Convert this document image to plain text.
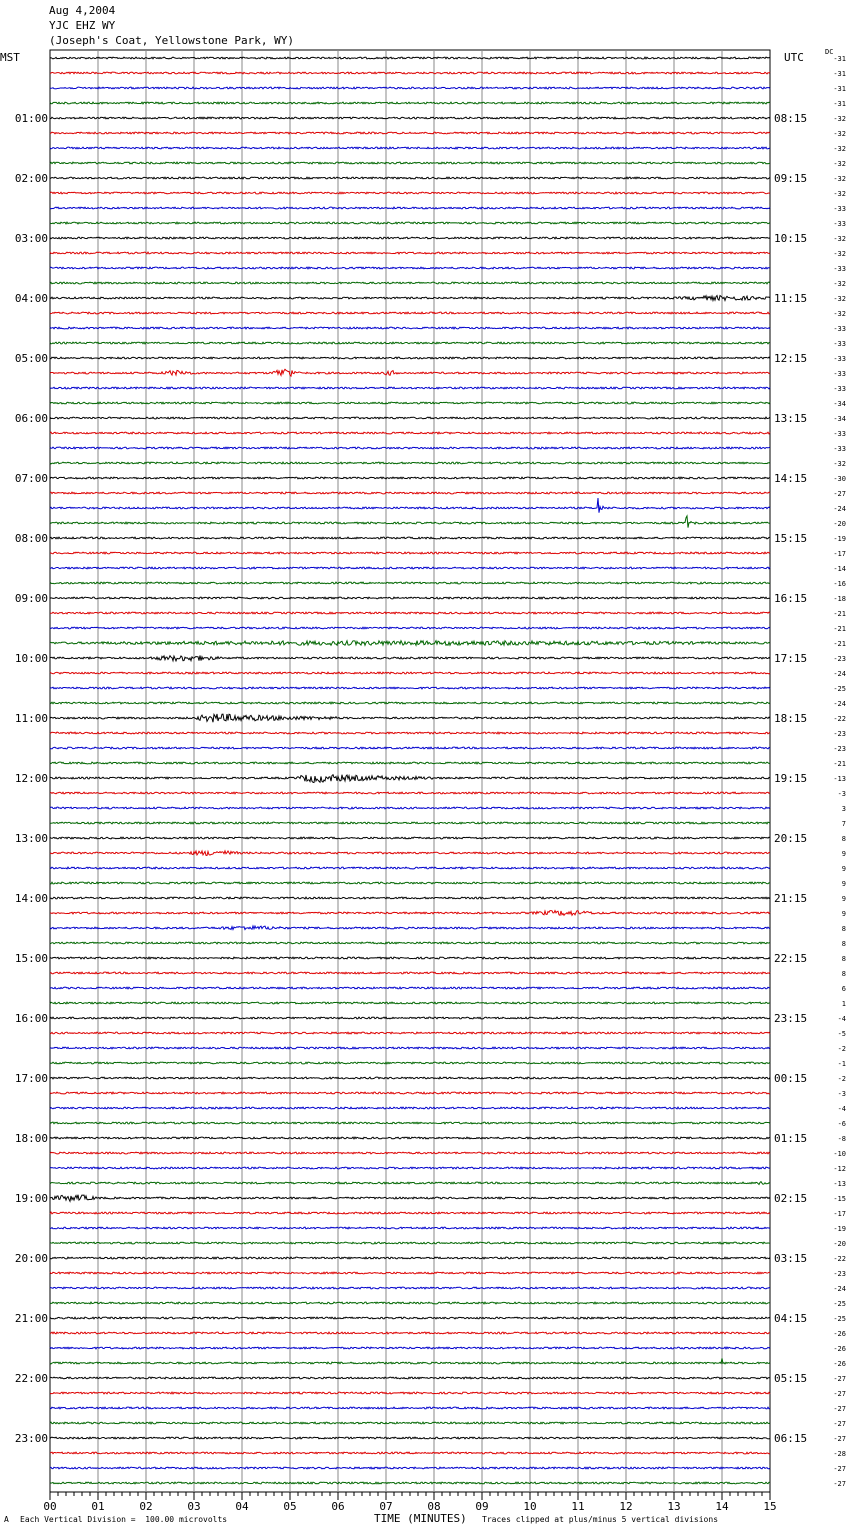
Aug 4,2004
YJC EHZ WY
(Joseph's Coat, Yellowstone Park, WY)
MST	UTC	DC
-31
-31
-31
-31
-32
-32
-32
-32
-32
-32
-33
-33
-32
-32
-33
-32
-32
-32
-33
-33
-33
-33
-33
-34
-34
-33
-33
-32
-30
-27
-24
-20
-19
-17
-14
-16
-18
-21
-21
-21
-23
-24
-25
-24
-22
-23
-23
-21
-13
-3
3
7
8
9
9
9
9
9
8
8
8
8
6
1
-4
-5
-2
-1
-2
-3
-4
-6
-8
-10
-12
-13
-15
-17
-19
-20
-22
-23
-24
-25
-25
-26
-26
-26
-27
-27
-27
-27
-27
-28
-27
-27
01:00
02:00
03:00
04:00
05:00
06:00
07:00
08:00
09:00
10:00
11:00
12:00
13:00
14:00
15:00
16:00
17:00
18:00
19:00
20:00
21:00
22:00
23:00
08:15
09:15
10:15
11:15
12:15
13:15
14:15
15:15
16:15
17:15
18:15
19:15
20:15
21:15
22:15
23:15
00:15
01:15
02:15
03:15
04:15
05:15
06:15
00	01	02	03	04	05	06	07	08	09	10	11	12	13	14	15
A Each Vertical Division =  100.00 microvolts	TIME (MINUTES) Traces clipped at plus/minus 5 vertical divisions
